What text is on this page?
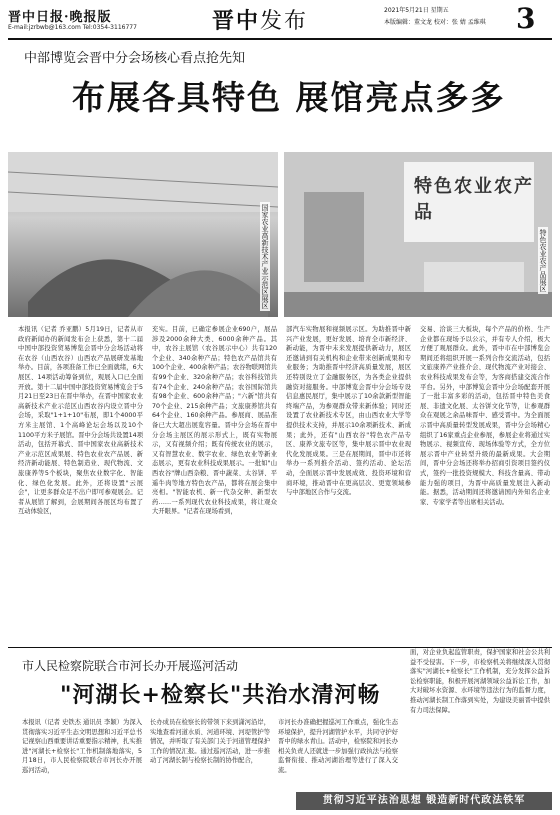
晋中日报·晚报版
E-mail:jzrbwb@163.com Tel:0354-3116777	晋中发布	2021年5月21日 星期五
本版编辑：董文龙 校对：张 婧 孟维琪 3
中部博览会晋中分会场核心看点抢先知
布展各具特色 展馆亮点多多
国家农业高新技术产业示范区展区
特色农业农产品
特色农业农产品展区
本报讯（记者 乔亚鹏）5月19日，记者从市政府新闻办的新闻发布会上获悉，第十二届中国中部投资贸易博览会晋中分会场活动将在农谷（山西农谷）山西农产品展研发基地举办。目前，各项准备工作已全面就绪，6大展区、14项活动筹备到位，观展入口已全面开放。第十二届中国中部投资贸易博览会于5月21日至23日在晋中举办，在晋中国家农业高新技术产业示范区山西农谷内设立晋中分会场，采取"1+1+10"布展，即1个4000平方米主展馆、1个高峰论坛会场以及10个1100平方米子展馆。晋中分会场共设置14项活动，包括开幕式、晋中国家农业高新技术产业示范区成果展、特色农业农产品展、新经济新动能展、特色制造业、现代物流、文旅康养等5个板块，聚焦农业数字化、智能化、绿色化发展。此外，还将设置"云展会"，让更多群众足不出户即可参观展会。记者从展馆了解到，会展期间各展区均布置了互动体验区，
充实。目前，已确定参展企业690户，展品涉及2000余种大类、6000余种产品。其中，农谷主展馆（农谷展示中心）共有120个企业、340余种产品；特色农产品馆共有100个企业、400余种产品；农谷物联网馆共有99个企业、320余种产品；农谷科技馆共有74个企业、240余种产品；农谷国际馆共有98个企业、600余种产品；"六新"馆共有70个企业、215余种产品；文旅康养馆共有64个企业、160余种产品。参展商、展品准备已大大超出展览容量。晋中分会场在晋中分会场主展区的展示形式上，既有实物展示，又有视频介绍；既有传统农业的展示，又有智慧农业、数字农业、绿色农业等新业态展示，更有农业科技成果展示。一批如"山西农谷"牌山西杂粮、晋中蔬菜、太谷饼、平遥牛肉等地方特色农产品，都将在展会集中亮相。"智能农机、新一代杂交种、新型农药……一系列现代农业科技成果，将让观众大开眼界。"记者在现场看到，
部汽车实物展和视频展示区。为助推晋中新兴产业发展，更好发展、培育全市新经济、新动能，为晋中未来发展提供新动力，展区还邀请到有关机构和企业带来创新成果和专业服务；为助推晋中经济高质量发展，展区还特别设立了金融服务区，为各类企业提供融资对接服务。中部博览会晋中分会场专设信息惠民展厅，集中展示了10余款新型智能终端产品，为参观群众带来新体验；同时还设置了农业新技术专区，由山西农业大学等提供技术支持，并展示10余项新技术、新成果；此外，还有"山西农谷"特色农产品专区、康养文旅专区等，集中展示晋中农业现代化发展成果。三是在展期间，晋中市还将举办一系列推介活动、签约活动、论坛活动，全面展示晋中发展成效、投资环境和营商环境，推动晋中在更高层次、更宽领域参与中部地区合作与交流。
交易、洽谈三大板块，每个产品的价格、生产企业都在现场予以公示，并有专人介绍，极大方便了观展群众。此外，晋中市在中部博览会期间还将组织开展一系列合作交流活动，包括文旅康养产业推介会、现代物流产业对接会、农业科技成果发布会等，为客商搭建交流合作平台。另外，中部博览会晋中分会场配套开展了一批丰富多彩的活动，包括晋中特色美食展、非遗文化展、太谷饼文化节等，让参观群众在观展之余品味晋中、感受晋中。为全面展示晋中高质量转型发展成果，晋中分会场精心组织了16家重点企业参展，参展企业将通过实物展示、视频宣传、现场体验等方式，全方位展示晋中产业转型升级的最新成果。大会期间，晋中分会场还将举办招商引资项目签约仪式，签约一批投资规模大、科技含量高、带动能力强的项目，为晋中高质量发展注入新动能。据悉，活动期间还将邀请国内外知名企业家、专家学者等出席相关活动。
市人民检察院联合市河长办开展巡河活动
"河湖长+检察长"共治水清河畅
本报讯（记者 史铁杰 通讯员 李颖）为深入贯彻落实习近平生态文明思想和习近平总书记视察山西重要讲话重要指示精神，扎实推进"河湖长+检察长"工作机制落地落实，5月18日，市人民检察院联合市河长办开展巡河活动，
长办成员在检察长的带领下来到潇河沿岸，实地查看河道水质、河道环境、河堤管护等情况，并听取了有关部门关于河道管理保护工作的情况汇报。通过巡河活动，进一步推动了河湖长制与检察长制的协作配合，
市河长办准确把握巡河工作重点，强化生态环境保护，提升河湖管护水平，共同守护好晋中的绿水青山。活动中，检察院和河长办相关负责人还就进一步加强行政执法与检察监督衔接、推动河湖治理等进行了深入交流。
面，对企业负起监管职责，保护国家和社会公共利益不受侵害。下一步，市检察机关将继续深入贯彻落实"河湖长+检察长"工作机制，充分发挥公益诉讼检察职能，积极开展河湖领域公益诉讼工作，加大对破坏水资源、水环境等违法行为的监督力度，推动河湖长制工作落到实处，为建设美丽晋中提供有力司法保障。
贯彻习近平法治思想 锻造新时代政法铁军
